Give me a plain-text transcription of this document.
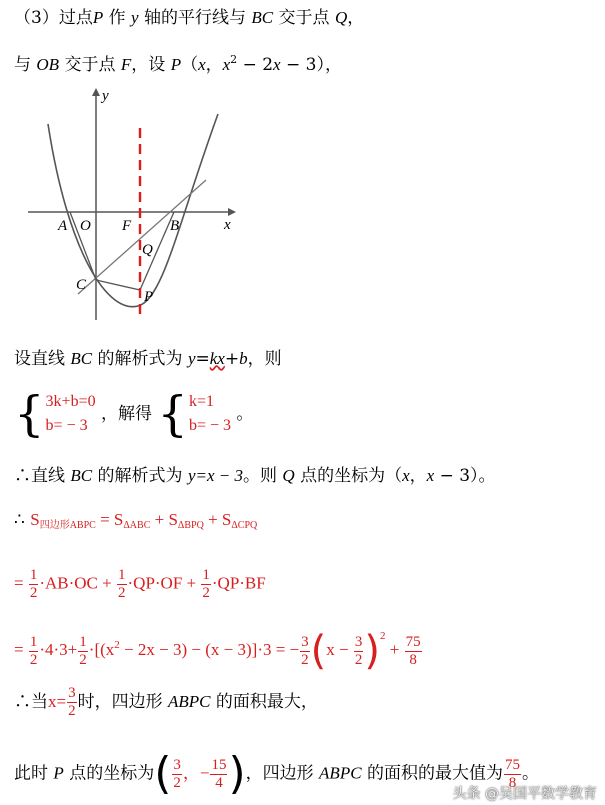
（3）过点P 作 y 轴的平行线与 BC 交于点 Q，
与 OB 交于点 F，设 P（x，$x^2 - 2x - 3$），
y
x
A O F	B
Q
C
P
设直线 BC 的解析式为 y=kx+b，则
{ 3k+b=0
b= − 3
，解得 { k=1
b= − 3
。
∴直线 BC 的解析式为 y=x − 3。则 Q 点的坐标为（x，x − 3）。
∴ $S_{四边形ABPC} = S_{\Delta ABC} + S_{\Delta BPQ} + S_{\Delta CPQ}$
= $\frac{1}{2} \cdot AB\cdot OC + \frac{1}{2} \cdot QP\cdot OF + \frac{1}{2} \cdot QP\cdot BF$
= $\frac{1}{2} \cdot 4\cdot 3+ \frac{1}{2} \cdot[(x^2 - 2x - 3) - (x - 3)]\cdot 3$ = − $\frac{3}{2} (x - \frac{3}{2} )^2 + \frac{75}{8}$
∴当$x= \frac{3}{2}$ 时，四边形 ABPC 的面积最大，
此时 P 点的坐标为( $\frac{3}{2}$ ，− $\frac{15}{4}$ )，四边形 ABPC 的面积的最大值为 $\frac{75}{8}$ 。
头条 @吴国平数学教育
